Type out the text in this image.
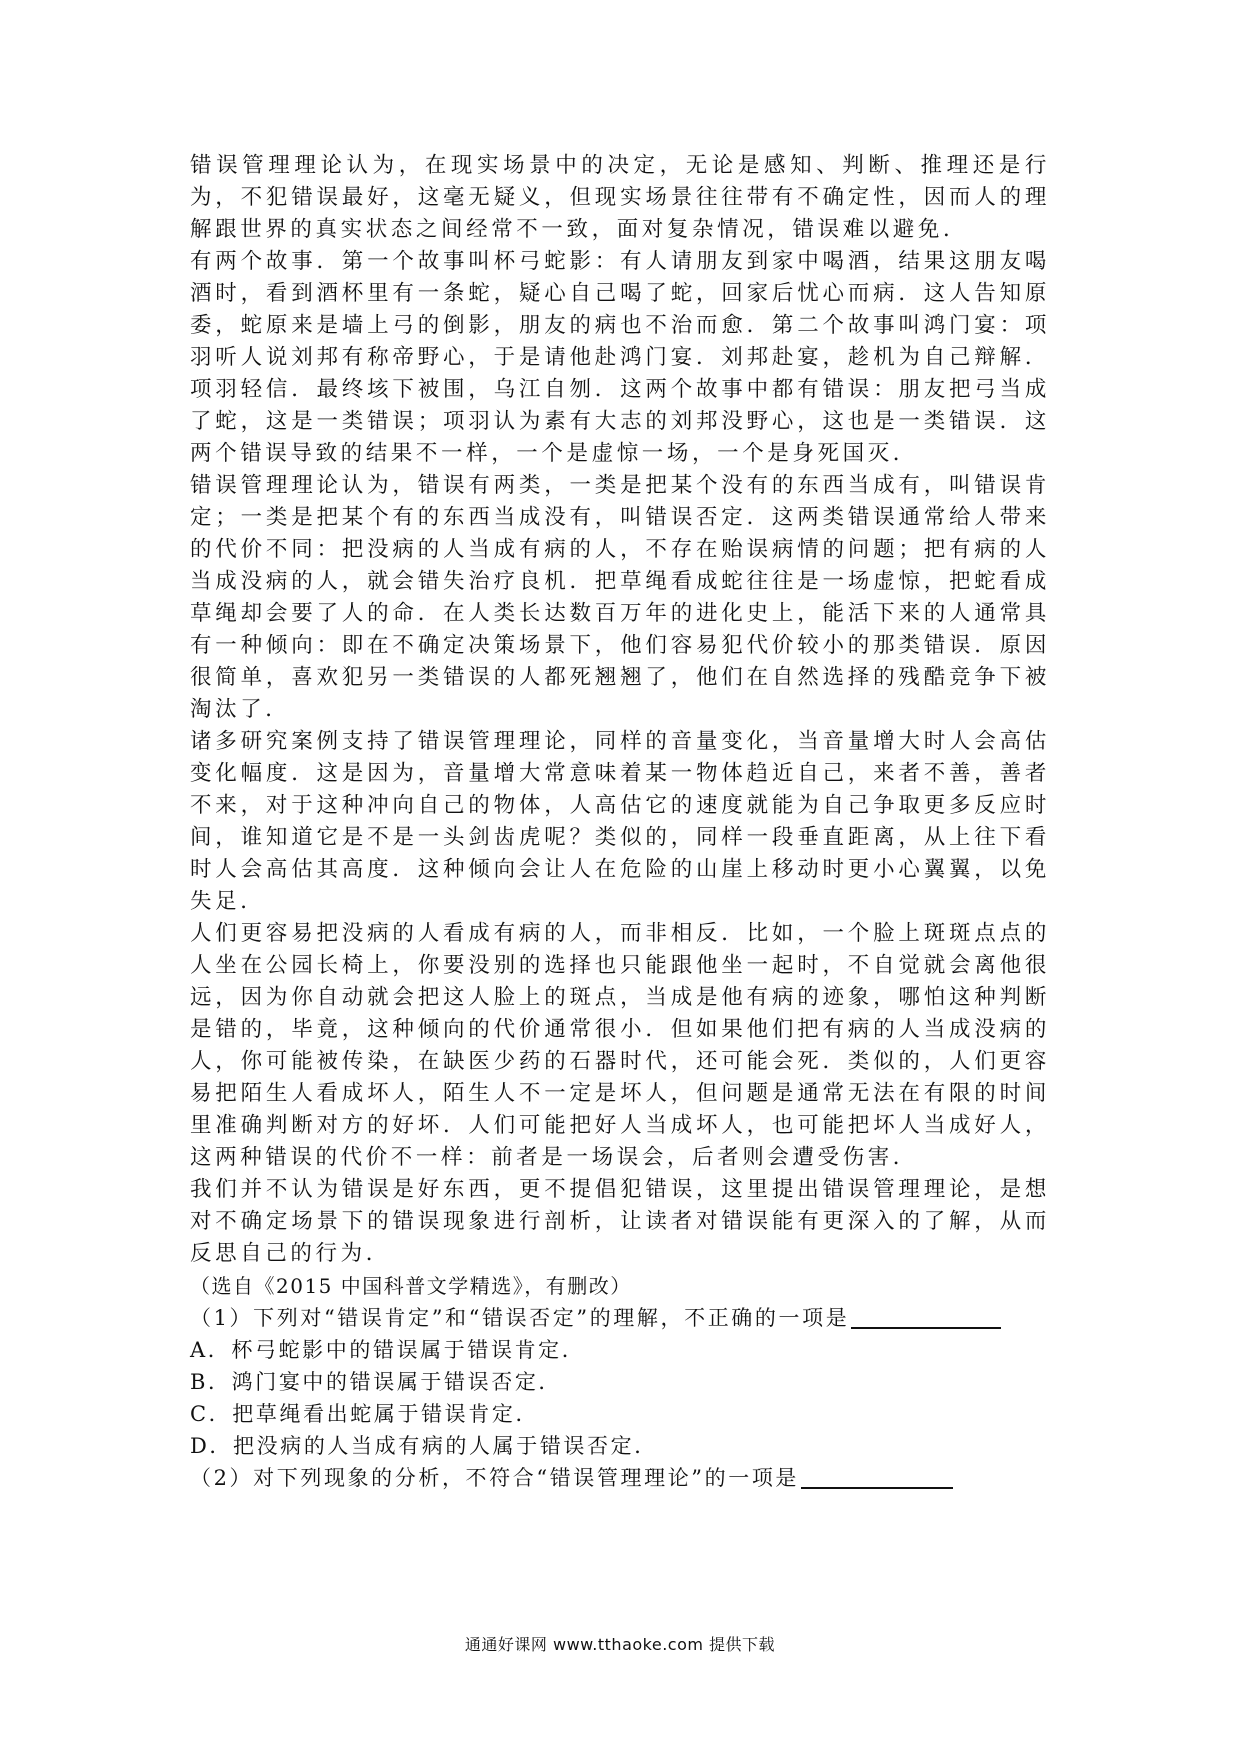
错误管理理论认为，在现实场景中的决定，无论是感知、判断、推理还是行为，不犯错误最好，这毫无疑义，但现实场景往往带有不确定性，因而人的理解跟世界的真实状态之间经常不一致，面对复杂情况，错误难以避免．

有两个故事．第一个故事叫杯弓蛇影：有人请朋友到家中喝酒，结果这朋友喝酒时，看到酒杯里有一条蛇，疑心自己喝了蛇，回家后忧心而病．这人告知原委，蛇原来是墙上弓的倒影，朋友的病也不治而愈．第二个故事叫鸿门宴：项羽听人说刘邦有称帝野心，于是请他赴鸿门宴．刘邦赴宴，趁机为自己辩解．项羽轻信．最终垓下被围，乌江自刎．这两个故事中都有错误：朋友把弓当成了蛇，这是一类错误；项羽认为素有大志的刘邦没野心，这也是一类错误．这两个错误导致的结果不一样，一个是虚惊一场，一个是身死国灭．

错误管理理论认为，错误有两类，一类是把某个没有的东西当成有，叫错误肯定；一类是把某个有的东西当成没有，叫错误否定．这两类错误通常给人带来的代价不同：把没病的人当成有病的人，不存在贻误病情的问题；把有病的人当成没病的人，就会错失治疗良机．把草绳看成蛇往往是一场虚惊，把蛇看成草绳却会要了人的命．在人类长达数百万年的进化史上，能活下来的人通常具有一种倾向：即在不确定决策场景下，他们容易犯代价较小的那类错误．原因很简单，喜欢犯另一类错误的人都死翘翘了，他们在自然选择的残酷竞争下被淘汰了．

诸多研究案例支持了错误管理理论，同样的音量变化，当音量增大时人会高估变化幅度．这是因为，音量增大常意味着某一物体趋近自己，来者不善，善者不来，对于这种冲向自己的物体，人高估它的速度就能为自己争取更多反应时间，谁知道它是不是一头剑齿虎呢？类似的，同样一段垂直距离，从上往下看时人会高估其高度．这种倾向会让人在危险的山崖上移动时更小心翼翼，以免失足．

人们更容易把没病的人看成有病的人，而非相反．比如，一个脸上斑斑点点的人坐在公园长椅上，你要没别的选择也只能跟他坐一起时，不自觉就会离他很远，因为你自动就会把这人脸上的斑点，当成是他有病的迹象，哪怕这种判断是错的，毕竟，这种倾向的代价通常很小．但如果他们把有病的人当成没病的人，你可能被传染，在缺医少药的石器时代，还可能会死．类似的，人们更容易把陌生人看成坏人，陌生人不一定是坏人，但问题是通常无法在有限的时间里准确判断对方的好坏．人们可能把好人当成坏人，也可能把坏人当成好人，这两种错误的代价不一样：前者是一场误会，后者则会遭受伤害．

我们并不认为错误是好东西，更不提倡犯错误，这里提出错误管理理论，是想对不确定场景下的错误现象进行剖析，让读者对错误能有更深入的了解，从而反思自己的行为．

（选自《2015 中国科普文学精选》，有删改）

（1）下列对“错误肯定”和“错误否定”的理解，不正确的一项是

A．杯弓蛇影中的错误属于错误肯定．

B．鸿门宴中的错误属于错误否定．

C．把草绳看出蛇属于错误肯定．

D．把没病的人当成有病的人属于错误否定．

（2）对下列现象的分析，不符合“错误管理理论”的一项是

通通好课网 www.tthaoke.com 提供下载
